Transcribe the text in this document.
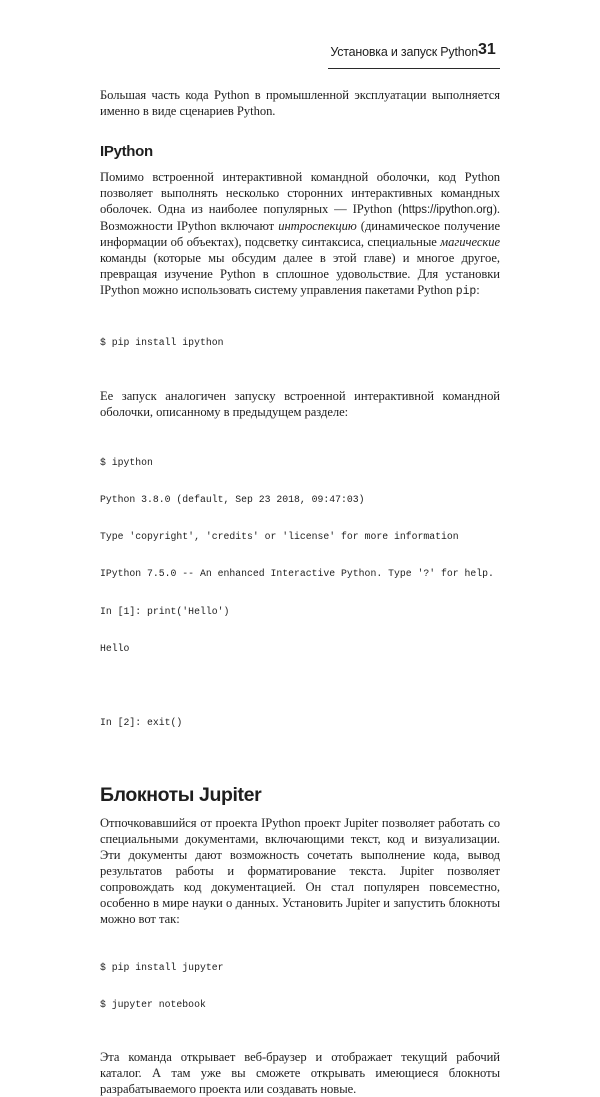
Установка и запуск Python 31

Большая часть кода Python в промышленной эксплуатации выполняется именно в виде сценариев Python.

IPython

Помимо встроенной интерактивной командной оболочки, код Python позволяет выполнять несколько сторонних интерактивных командных оболочек. Одна из наиболее популярных — IPython (https://ipython.org). Возможности IPython включают интроспекцию (динамическое получение информации об объектах), подсветку синтаксиса, специальные магические команды (которые мы обсудим далее в этой главе) и многое другое, превращая изучение Python в сплошное удовольствие. Для установки IPython можно использовать систему управления пакетами Python pip:

$ pip install ipython

Ее запуск аналогичен запуску встроенной интерактивной командной оболочки, описанному в предыдущем разделе:

$ ipython

Python 3.8.0 (default, Sep 23 2018, 09:47:03)

Type 'copyright', 'credits' or 'license' for more information

IPython 7.5.0 -- An enhanced Interactive Python. Type '?' for help.

In [1]: print('Hello')

Hello

In [2]: exit()

Блокноты Jupiter

Отпочковавшийся от проекта IPython проект Jupiter позволяет работать со специальными документами, включающими текст, код и визуализации. Эти документы дают возможность сочетать выполнение кода, вывод результатов работы и форматирование текста. Jupiter позволяет сопровождать код документацией. Он стал популярен повсеместно, особенно в мире науки о данных. Установить Jupiter и запустить блокноты можно вот так:

$ pip install jupyter

$ jupyter notebook

Эта команда открывает веб-браузер и отображает текущий рабочий каталог. А там уже вы сможете открывать имеющиеся блокноты разрабатываемого проекта или создавать новые.
